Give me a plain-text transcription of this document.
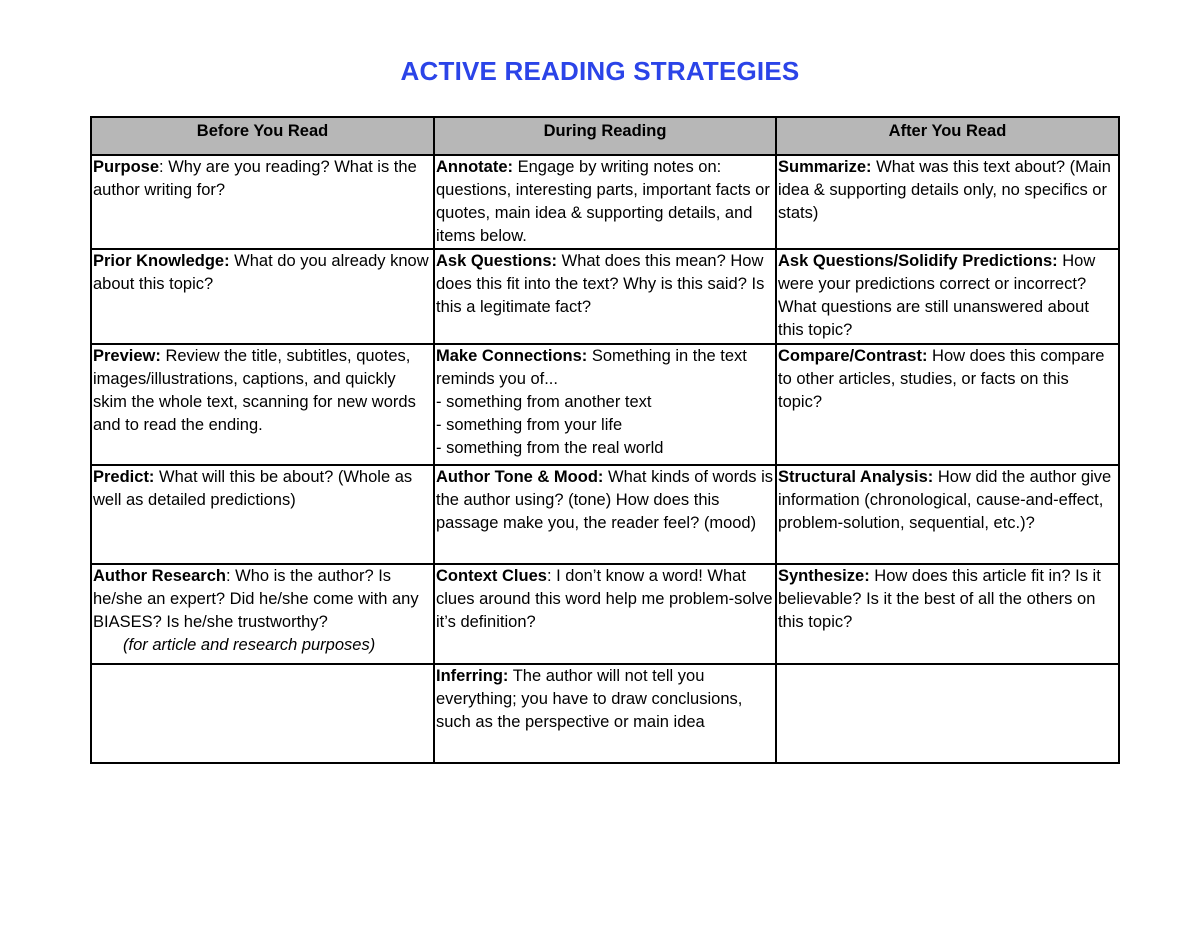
ACTIVE READING STRATEGIES
Before You Read	During Reading	After You Read
Purpose: Why are you reading? What is the author writing for?	Annotate: Engage by writing notes on: questions, interesting parts, important facts or quotes, main idea & supporting details, and items below.	Summarize: What was this text about? (Main idea & supporting details only, no specifics or stats)
Prior Knowledge: What do you already know about this topic?	Ask Questions: What does this mean? How does this fit into the text? Why is this said? Is this a legitimate fact?	Ask Questions/Solidify Predictions: How were your predictions correct or incorrect? What questions are still unanswered about this topic?
Preview: Review the title, subtitles, quotes, images/illustrations, captions, and quickly skim the whole text, scanning for new words and to read the ending.	Make Connections: Something in the text reminds you of...
- something from another text
- something from your life
- something from the real world	Compare/Contrast: How does this compare to other articles, studies, or facts on this topic?
Predict: What will this be about? (Whole as well as detailed predictions)	Author Tone & Mood: What kinds of words is the author using? (tone) How does this passage make you, the reader feel? (mood)	Structural Analysis: How did the author give information (chronological, cause-and-effect, problem-solution, sequential, etc.)?
Author Research: Who is the author? Is he/she an expert? Did he/she come with any BIASES? Is he/she trustworthy?
(for article and research purposes)	Context Clues: I don’t know a word! What clues around this word help me problem-solve it’s definition?	Synthesize: How does this article fit in? Is it believable? Is it the best of all the others on this topic?
	Inferring: The author will not tell you everything; you have to draw conclusions, such as the perspective or main idea	
